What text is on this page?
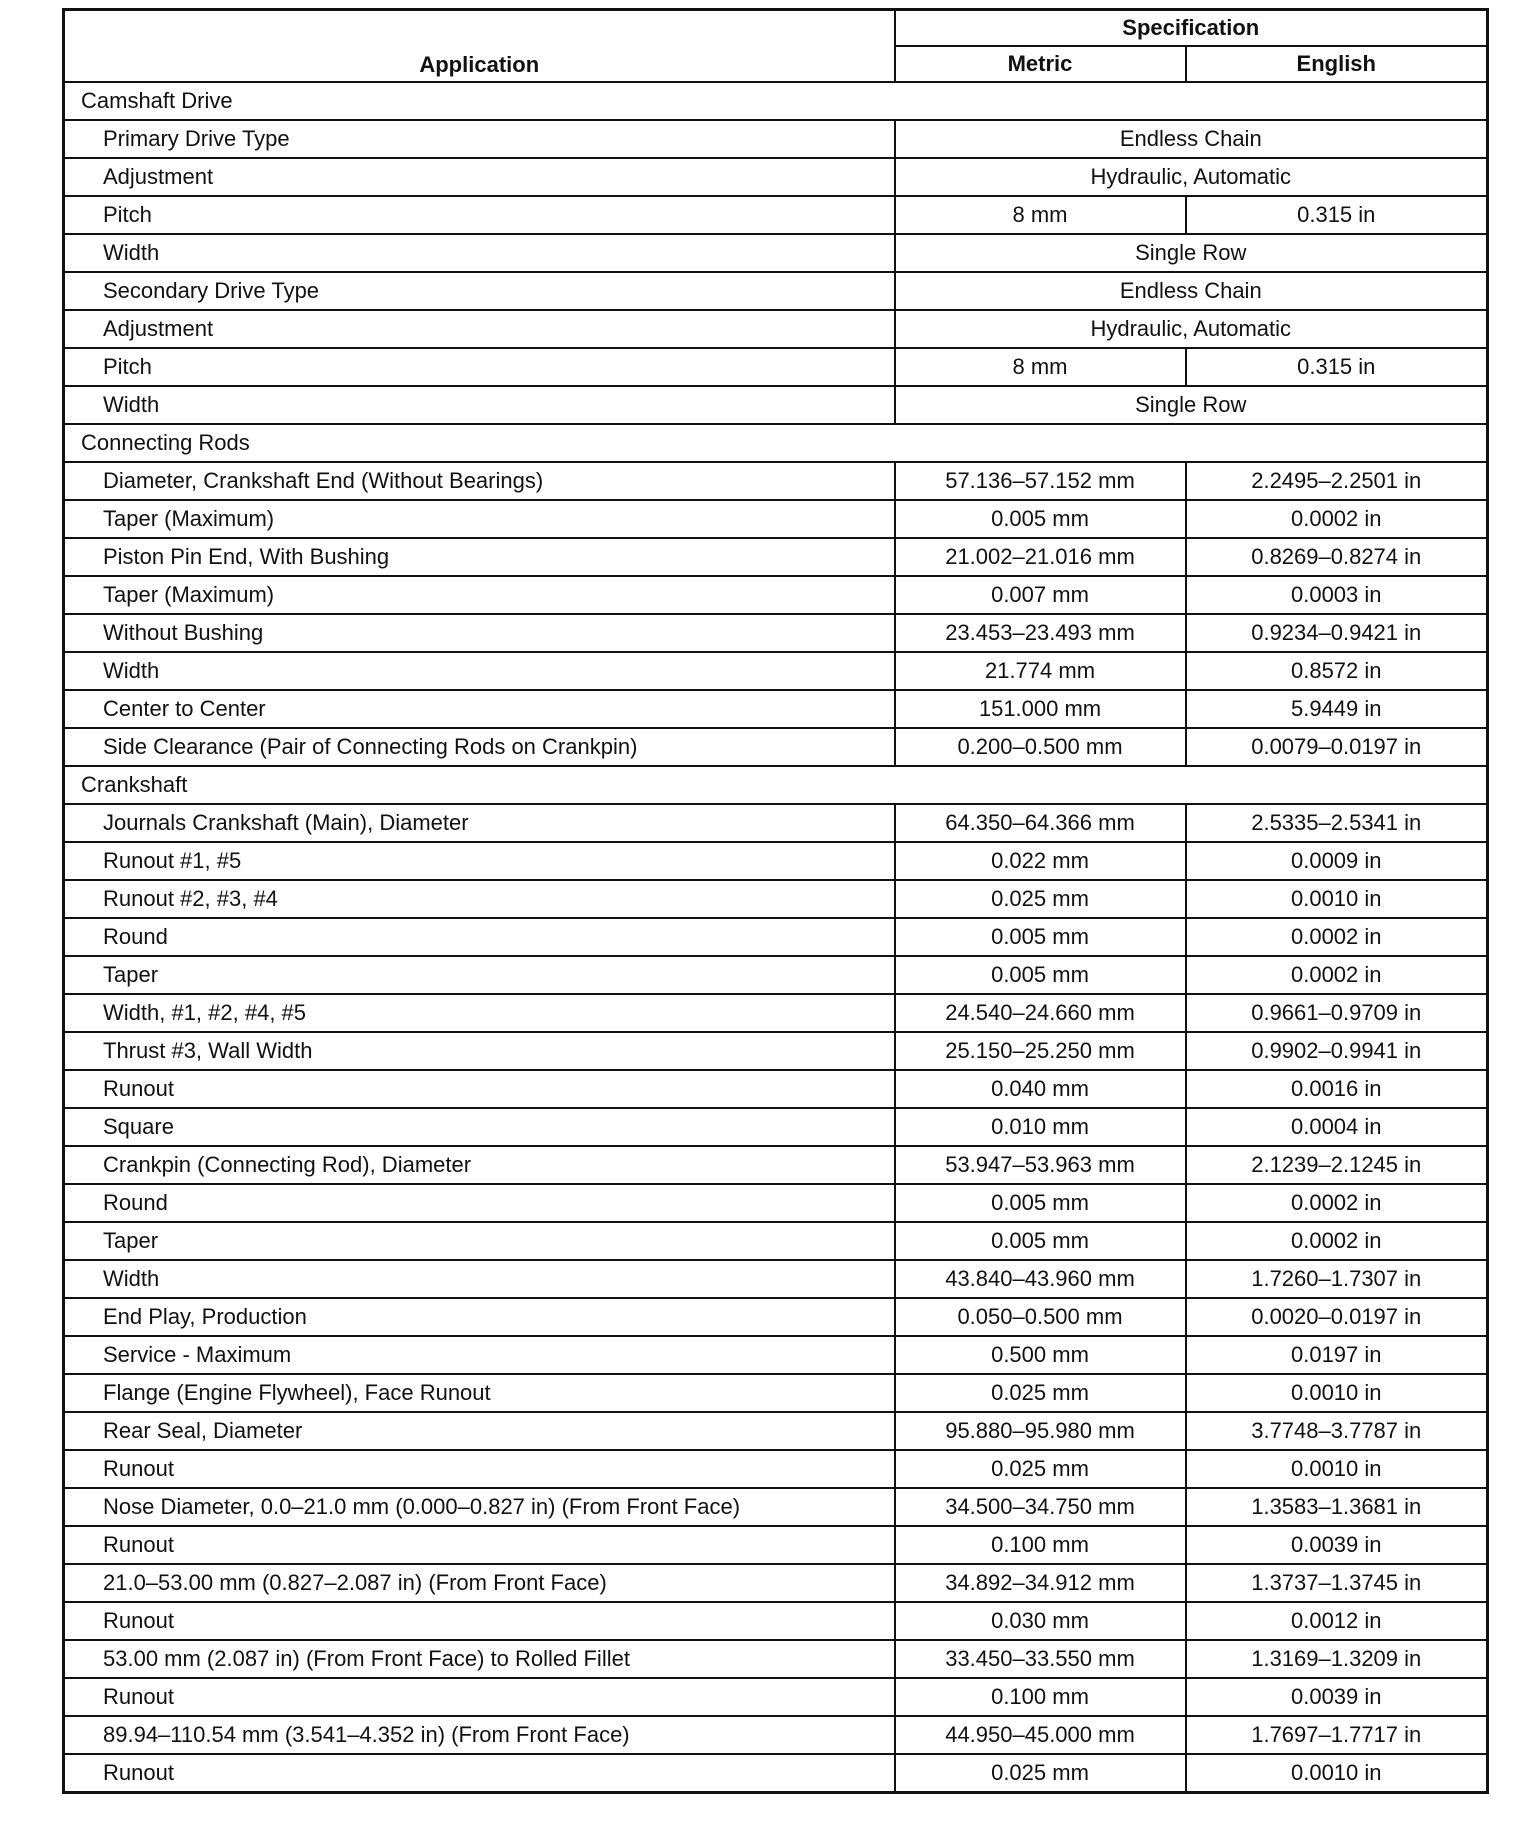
Application	Specification	
	Metric	English
Camshaft Drive		
Primary Drive Type	Endless Chain	
Adjustment	Hydraulic, Automatic	
Pitch	8 mm	0.315 in
Width	Single Row	
Secondary Drive Type	Endless Chain	
Adjustment	Hydraulic, Automatic	
Pitch	8 mm	0.315 in
Width	Single Row	
Connecting Rods		
Diameter, Crankshaft End (Without Bearings)	57.136–57.152 mm	2.2495–2.2501 in
Taper (Maximum)	0.005 mm	0.0002 in
Piston Pin End, With Bushing	21.002–21.016 mm	0.8269–0.8274 in
Taper (Maximum)	0.007 mm	0.0003 in
Without Bushing	23.453–23.493 mm	0.9234–0.9421 in
Width	21.774 mm	0.8572 in
Center to Center	151.000 mm	5.9449 in
Side Clearance (Pair of Connecting Rods on Crankpin)	0.200–0.500 mm	0.0079–0.0197 in
Crankshaft		
Journals Crankshaft (Main), Diameter	64.350–64.366 mm	2.5335–2.5341 in
Runout #1, #5	0.022 mm	0.0009 in
Runout #2, #3, #4	0.025 mm	0.0010 in
Round	0.005 mm	0.0002 in
Taper	0.005 mm	0.0002 in
Width, #1, #2, #4, #5	24.540–24.660 mm	0.9661–0.9709 in
Thrust #3, Wall Width	25.150–25.250 mm	0.9902–0.9941 in
Runout	0.040 mm	0.0016 in
Square	0.010 mm	0.0004 in
Crankpin (Connecting Rod), Diameter	53.947–53.963 mm	2.1239–2.1245 in
Round	0.005 mm	0.0002 in
Taper	0.005 mm	0.0002 in
Width	43.840–43.960 mm	1.7260–1.7307 in
End Play, Production	0.050–0.500 mm	0.0020–0.0197 in
Service - Maximum	0.500 mm	0.0197 in
Flange (Engine Flywheel), Face Runout	0.025 mm	0.0010 in
Rear Seal, Diameter	95.880–95.980 mm	3.7748–3.7787 in
Runout	0.025 mm	0.0010 in
Nose Diameter, 0.0–21.0 mm (0.000–0.827 in) (From Front Face)	34.500–34.750 mm	1.3583–1.3681 in
Runout	0.100 mm	0.0039 in
21.0–53.00 mm (0.827–2.087 in) (From Front Face)	34.892–34.912 mm	1.3737–1.3745 in
Runout	0.030 mm	0.0012 in
53.00 mm (2.087 in) (From Front Face) to Rolled Fillet	33.450–33.550 mm	1.3169–1.3209 in
Runout	0.100 mm	0.0039 in
89.94–110.54 mm (3.541–4.352 in) (From Front Face)	44.950–45.000 mm	1.7697–1.7717 in
Runout	0.025 mm	0.0010 in
